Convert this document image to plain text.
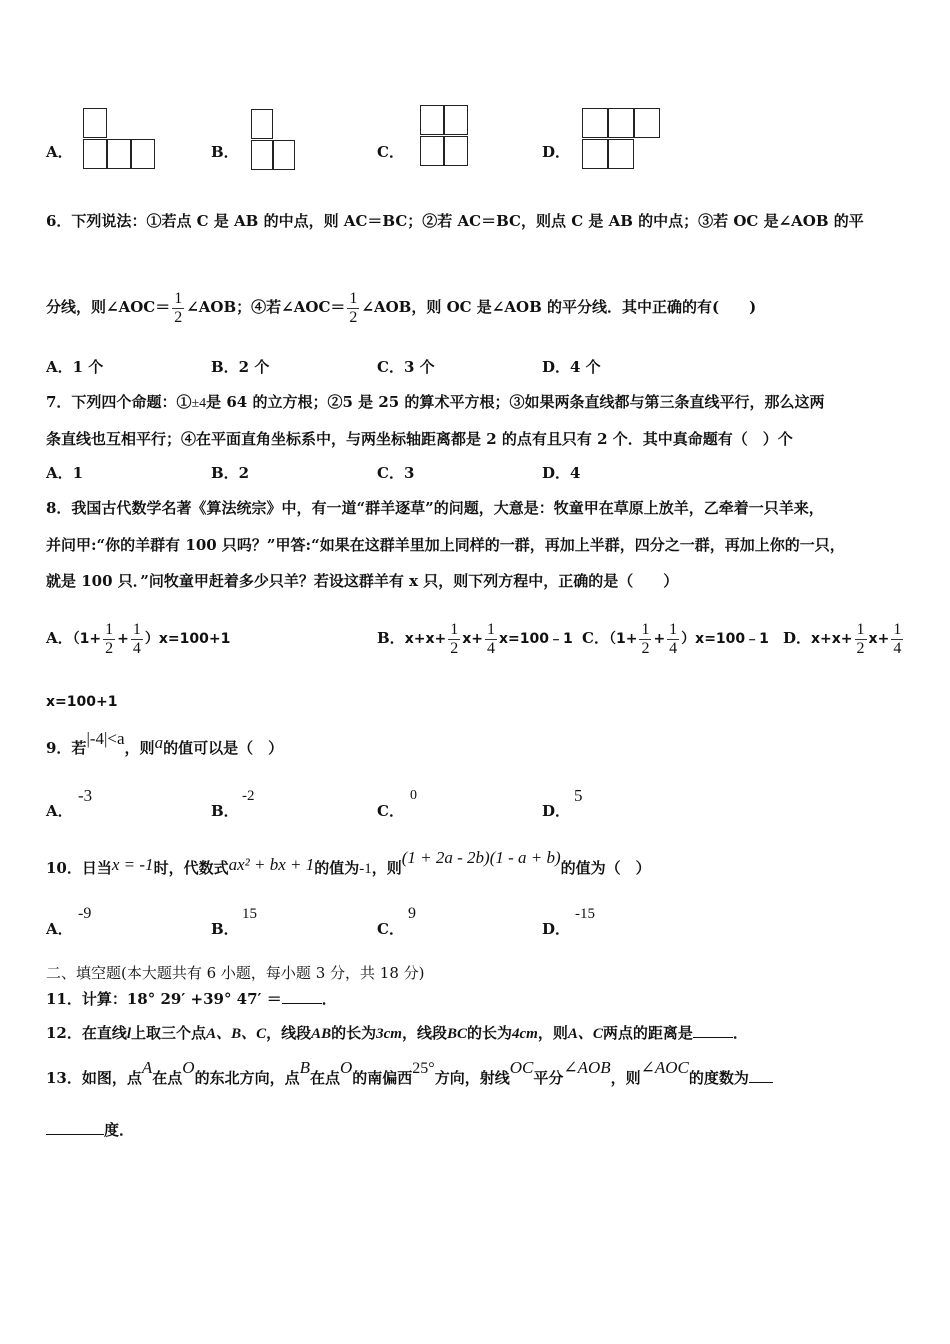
A．	B．	C．	D．
6．下列说法：①若点 C 是 AB 的中点，则 AC＝BC；②若 AC＝BC，则点 C 是 AB 的中点；③若 OC 是∠AOB 的平
分线，则∠AOC＝ $\frac{1}{2}$ ∠AOB；④若∠AOC＝ $\frac{1}{2}$ ∠AOB，则 OC 是∠AOB 的平分线．其中正确的有(　　)
A．1 个	B．2 个	C．3 个	D．4 个
7．下列四个命题：①±4是 64 的立方根；②5 是 25 的算术平方根；③如果两条直线都与第三条直线平行，那么这两
条直线也互相平行；④在平面直角坐标系中，与两坐标轴距离都是 2 的点有且只有 2 个．其中真命题有（　）个
A．1	B．2	C．3	D．4
8．我国古代数学名著《算法统宗》中，有一道“群羊逐草”的问题，大意是：牧童甲在草原上放羊，乙牵着一只羊来，
并问甲:“你的羊群有 100 只吗？”甲答:“如果在这群羊里加上同样的一群，再加上半群，四分之一群，再加上你的一只，
就是 100 只．”问牧童甲赶着多少只羊？若设这群羊有 x 只，则下列方程中，正确的是（　　）
A．$(1+ \frac{1}{2} + \frac{1}{4} )x=100+1$	B．$x+x+ \frac{1}{2} x+ \frac{1}{4}$ x=100﹣1 C．（$1+ \frac{1}{2} + \frac{1}{4}$ ）x=100﹣1 D．$x+x+ \frac{1}{2} x+ \frac{1}{4}$
x=100+1
9．若|-4|<a，则a的值可以是（　）
A．
-3
B．
-2
C．
0
D．
5
10．日当x = -1时，代数式ax² + bx + 1的值为-1，则(1 + 2a - 2b)(1 - a + b)的值为（　）
A．
-9
B．
15
C．
9
D．
-15
二、填空题(本大题共有 6 小题，每小题 3 分，共 18 分)
11．计算：18° 29′ +39° 47′ ＝	．
12．在直线l上取三个点A、B、C，线段AB的长为3cm，线段BC的长为4cm，则A、C两点的距离是	．
13．如图，点A在点O的东北方向，点B在点O的南偏西25°方向，射线OC平分∠AOB，则∠AOC的度数为
度．
